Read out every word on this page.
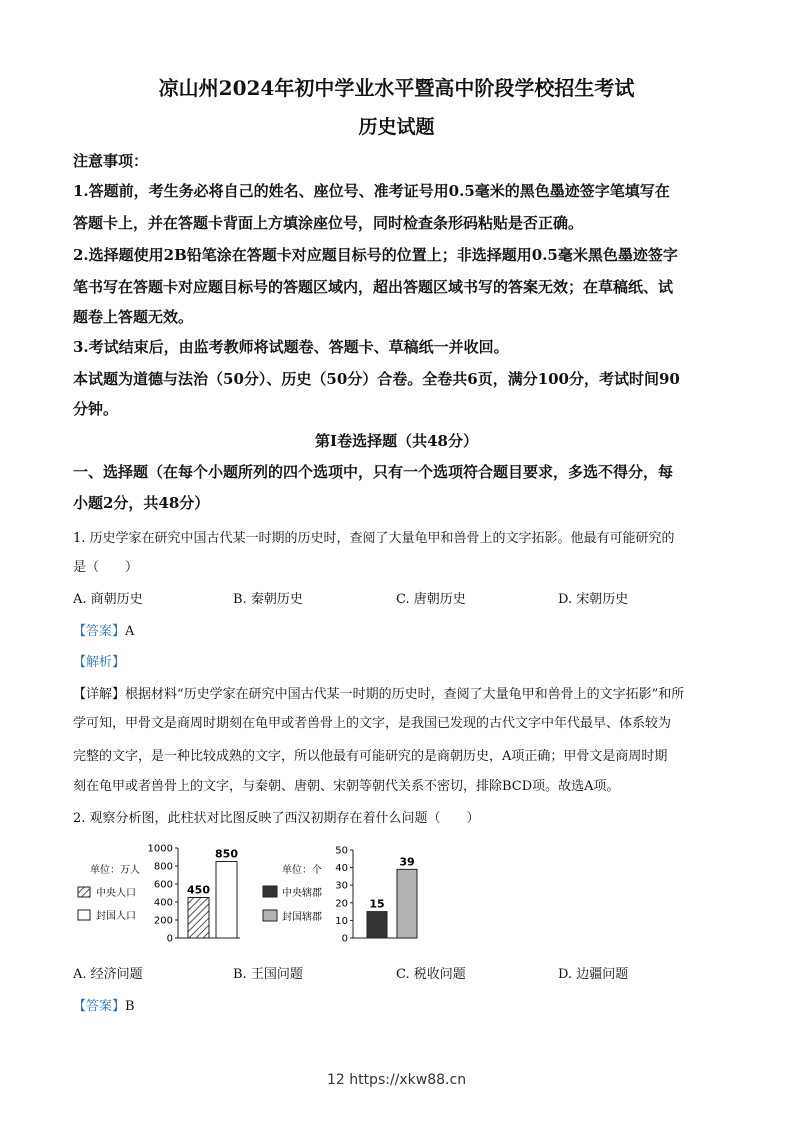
凉山州2024年初中学业水平暨高中阶段学校招生考试
历史试题
注意事项：
1.答题前，考生务必将自己的姓名、座位号、准考证号用0.5毫米的黑色墨迹签字笔填写在
答题卡上，并在答题卡背面上方填涂座位号，同时检查条形码粘贴是否正确。
2.选择题使用2B铅笔涂在答题卡对应题目标号的位置上；非选择题用0.5毫米黑色墨迹签字
笔书写在答题卡对应题目标号的答题区域内，超出答题区域书写的答案无效；在草稿纸、试
题卷上答题无效。
3.考试结束后，由监考教师将试题卷、答题卡、草稿纸一并收回。
本试题为道德与法治（50分）、历史（50分）合卷。全卷共6页，满分100分，考试时间90
分钟。
第Ⅰ卷选择题（共48分）
一、选择题（在每个小题所列的四个选项中，只有一个选项符合题目要求，多选不得分，每
小题2分，共48分）
1. 历史学家在研究中国古代某一时期的历史时，查阅了大量龟甲和兽骨上的文字拓影。他最有可能研究的
是（　　）
A. 商朝历史	B. 秦朝历史	C. 唐朝历史	D. 宋朝历史
【答案】A
【解析】
【详解】根据材料“历史学家在研究中国古代某一时期的历史时，查阅了大量龟甲和兽骨上的文字拓影”和所
学可知，甲骨文是商周时期刻在龟甲或者兽骨上的文字，是我国已发现的古代文字中年代最早、体系较为
完整的文字，是一种比较成熟的文字，所以他最有可能研究的是商朝历史，A项正确；甲骨文是商周时期
刻在龟甲或者兽骨上的文字，与秦朝、唐朝、宋朝等朝代关系不密切，排除BCD项。故选A项。
2. 观察分析图，此柱状对比图反映了西汉初期存在着什么问题（　　）
单位：万人
中央人口
封国人口
0
200
400
600
800
1000
450
850
单位：个
中央辖郡
封国辖郡
0
10
20
30
40
50
15
39
A. 经济问题	B. 王国问题	C. 税收问题	D. 边疆问题
【答案】B
12 https://xkw88.cn
